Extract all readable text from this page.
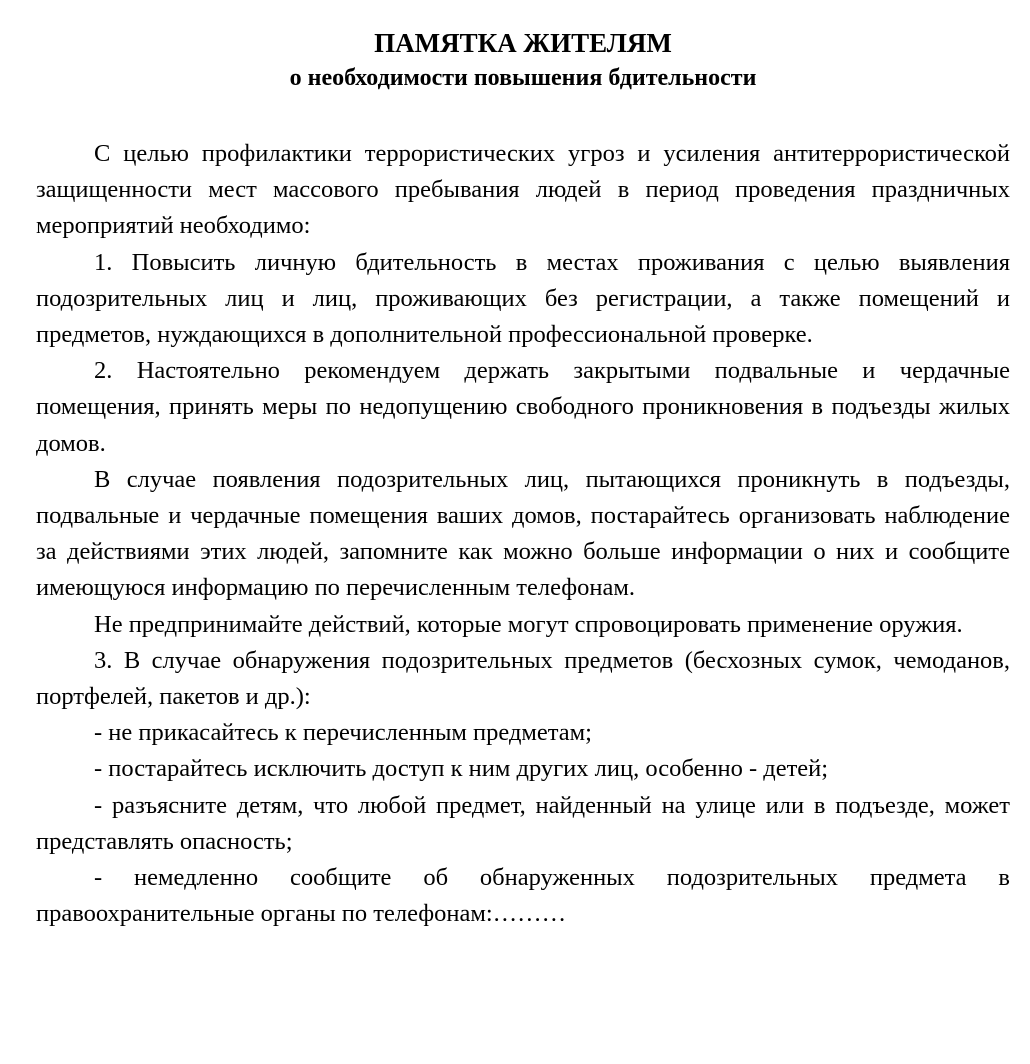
ПАМЯТКА ЖИТЕЛЯМ
о необходимости повышения бдительности

С целью профилактики террористических угроз и усиления антитеррористической защищенности мест массового пребывания людей в период проведения праздничных мероприятий необходимо:

1. Повысить личную бдительность в местах проживания с целью выявления подозрительных лиц и лиц, проживающих без регистрации, а также помещений и предметов, нуждающихся в дополнительной профессиональной проверке.

2. Настоятельно рекомендуем держать закрытыми подвальные и чердачные помещения, принять меры по недопущению свободного проникновения в подъезды жилых домов.

В случае появления подозрительных лиц, пытающихся проникнуть в подъезды, подвальные и чердачные помещения ваших домов, постарайтесь организовать наблюдение за действиями этих людей, запомните как можно больше информации о них и сообщите имеющуюся информацию по перечисленным телефонам.

Не предпринимайте действий, которые могут спровоцировать применение оружия.

3. В случае обнаружения подозрительных предметов (бесхозных сумок, чемоданов, портфелей, пакетов и др.):

- не прикасайтесь к перечисленным предметам;

- постарайтесь исключить доступ к ним других лиц, особенно - детей;

- разъясните детям, что любой предмет, найденный на улице или в подъезде, может представлять опасность;

- немедленно сообщите об обнаруженных подозрительных предмета в правоохранительные органы по телефонам:………
